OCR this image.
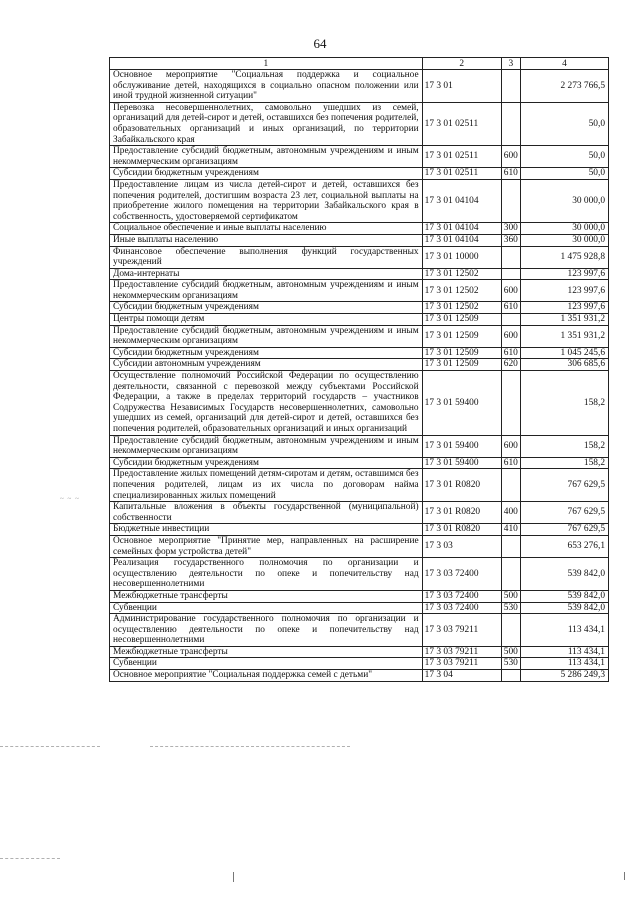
64
~ ~ ~
1	2	3	4
Основное мероприятие "Социальная поддержка и социальное обслуживание детей, находящихся в социально опасном положении или иной трудной жизненной ситуации"	17 3 01		2 273 766,5
Перевозка несовершеннолетних, самовольно ушедших из семей, организаций для детей-сирот и детей, оставшихся без попечения родителей, образовательных организаций и иных организаций, по территории Забайкальского края	17 3 01 02511		50,0
Предоставление субсидий бюджетным, автономным учреждениям и иным некоммерческим организациям	17 3 01 02511	600	50,0
Субсидии бюджетным учреждениям	17 3 01 02511	610	50,0
Предоставление лицам из числа детей-сирот и детей, оставшихся без попечения родителей, достигшим возраста 23 лет, социальной выплаты на приобретение жилого помещения на территории Забайкальского края в собственность, удостоверяемой сертификатом	17 3 01 04104		30 000,0
Социальное обеспечение и иные выплаты населению	17 3 01 04104	300	30 000,0
Иные выплаты населению	17 3 01 04104	360	30 000,0
Финансовое обеспечение выполнения функций государственных учреждений	17 3 01 10000		1 475 928,8
Дома-интернаты	17 3 01 12502		123 997,6
Предоставление субсидий бюджетным, автономным учреждениям и иным некоммерческим организациям	17 3 01 12502	600	123 997,6
Субсидии бюджетным учреждениям	17 3 01 12502	610	123 997,6
Центры помощи детям	17 3 01 12509		1 351 931,2
Предоставление субсидий бюджетным, автономным учреждениям и иным некоммерческим организациям	17 3 01 12509	600	1 351 931,2
Субсидии бюджетным учреждениям	17 3 01 12509	610	1 045 245,6
Субсидии автономным учреждениям	17 3 01 12509	620	306 685,6
Осуществление полномочий Российской Федерации по осуществлению деятельности, связанной с перевозкой между субъектами Российской Федерации, а также в пределах территорий государств – участников Содружества Независимых Государств несовершеннолетних, самовольно ушедших из семей, организаций для детей-сирот и детей, оставшихся без попечения родителей, образовательных организаций и иных организаций	17 3 01 59400		158,2
Предоставление субсидий бюджетным, автономным учреждениям и иным некоммерческим организациям	17 3 01 59400	600	158,2
Субсидии бюджетным учреждениям	17 3 01 59400	610	158,2
Предоставление жилых помещений детям-сиротам и детям, оставшимся без попечения родителей, лицам из их числа по договорам найма специализированных жилых помещений	17 3 01 R0820		767 629,5
Капитальные вложения в объекты государственной (муниципальной) собственности	17 3 01 R0820	400	767 629,5
Бюджетные инвестиции	17 3 01 R0820	410	767 629,5
Основное мероприятие "Принятие мер, направленных на расширение семейных форм устройства детей"	17 3 03		653 276,1
Реализация государственного полномочия по организации и осуществлению деятельности по опеке и попечительству над несовершеннолетними	17 3 03 72400		539 842,0
Межбюджетные трансферты	17 3 03 72400	500	539 842,0
Субвенции	17 3 03 72400	530	539 842,0
Администрирование государственного полномочия по организации и осуществлению деятельности по опеке и попечительству над несовершеннолетними	17 3 03 79211		113 434,1
Межбюджетные трансферты	17 3 03 79211	500	113 434,1
Субвенции	17 3 03 79211	530	113 434,1
Основное мероприятие "Социальная поддержка семей с детьми"	17 3 04		5 286 249,3
